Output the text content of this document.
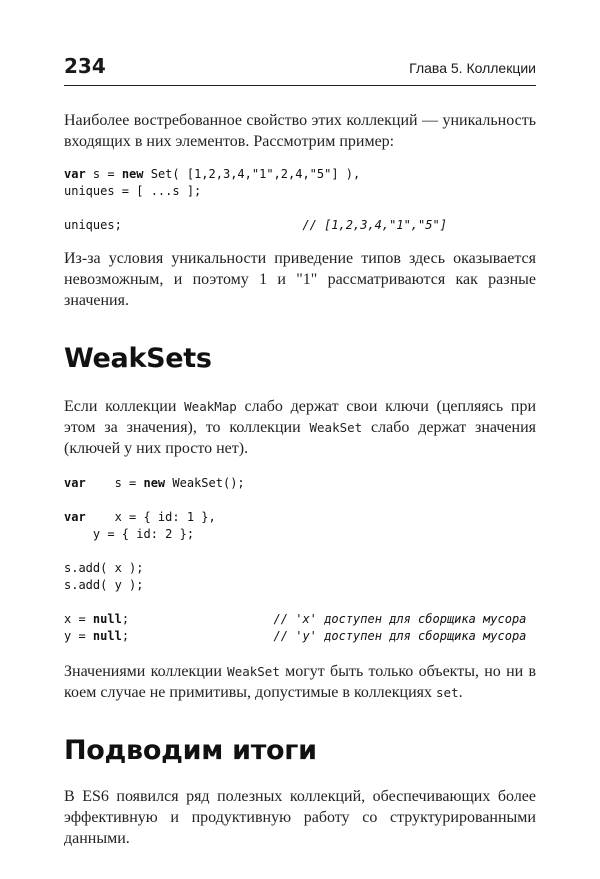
234	Глава 5. Коллекции

Наиболее востребованное свойство этих коллекций — уникальность входящих в них элементов. Рассмотрим пример:

var s = new Set( [1,2,3,4,"1",2,4,"5"] ),
uniques = [ ...s ];

uniques;	// [1,2,3,4,"1","5"]

Из-за условия уникальности приведение типов здесь оказывается невозможным, и поэтому 1 и "1" рассматриваются как разные значения.

WeakSets

Если коллекции WeakMap слабо держат свои ключи (цепляясь при этом за значения), то коллекции WeakSet слабо держат значения (ключей у них просто нет).

var    s = new WeakSet();

var    x = { id: 1 },
y = { id: 2 };

s.add( x );
s.add( y );

x = null;	// 'x' доступен для сборщика мусора
y = null;	// 'y' доступен для сборщика мусора

Значениями коллекции WeakSet могут быть только объекты, но ни в коем случае не примитивы, допустимые в коллекциях set.

Подводим итоги

В ES6 появился ряд полезных коллекций, обеспечивающих более эффективную и продуктивную работу со структурированными данными.
